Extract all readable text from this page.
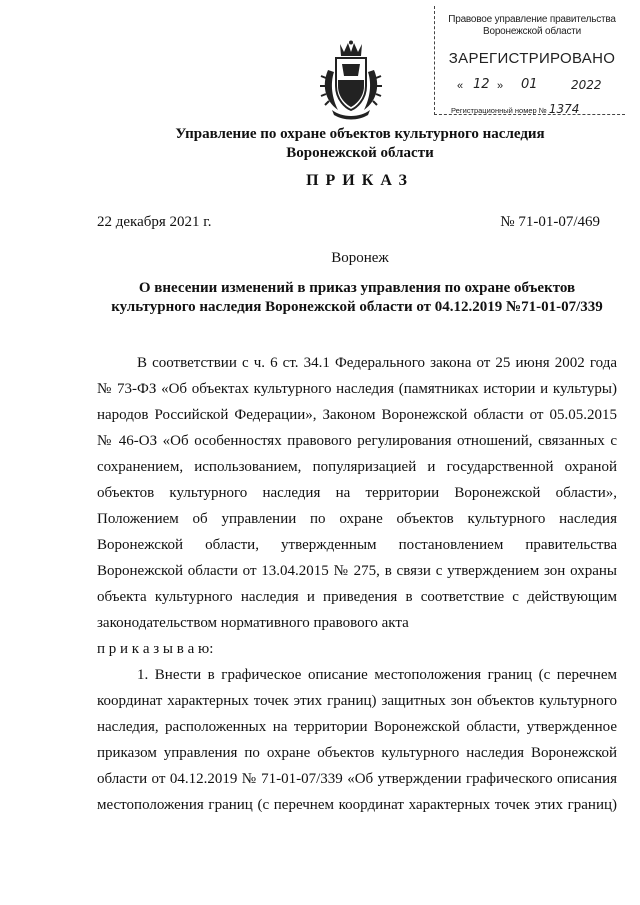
Правовое управление правительства
Воронежской области
ЗАРЕГИСТРИРОВАНО
« 12 » 01	2022
Регистрационный номер № 1374
Управление по охране объектов культурного наследия
Воронежской области
ПРИКАЗ
22 декабря 2021 г.	№ 71-01-07/469
Воронеж
О внесении изменений в приказ управления по охране объектов
культурного наследия Воронежской области от 04.12.2019 №71-01-07/339
В соответствии с ч. 6 ст. 34.1 Федерального закона от 25 июня 2002 года
№ 73-ФЗ «Об объектах культурного наследия (памятниках истории и культуры)
народов Российской Федерации», Законом Воронежской области от 05.05.2015
№ 46-ОЗ «Об особенностях правового регулирования отношений, связанных с
сохранением, использованием, популяризацией и государственной охраной
объектов культурного наследия на территории Воронежской области»,
Положением об управлении по охране объектов культурного наследия
Воронежской области, утвержденным постановлением правительства
Воронежской области от 13.04.2015 № 275, в связи с утверждением зон охраны
объекта культурного наследия и приведения в соответствие с действующим
законодательством нормативного правового акта
п р и к а з ы в а ю:
1. Внести в графическое описание местоположения границ (с перечнем
координат характерных точек этих границ) защитных зон объектов культурного
наследия, расположенных на территории Воронежской области, утвержденное
приказом управления по охране объектов культурного наследия Воронежской
области от 04.12.2019 № 71-01-07/339 «Об утверждении графического описания
местоположения границ (с перечнем координат характерных точек этих границ)
